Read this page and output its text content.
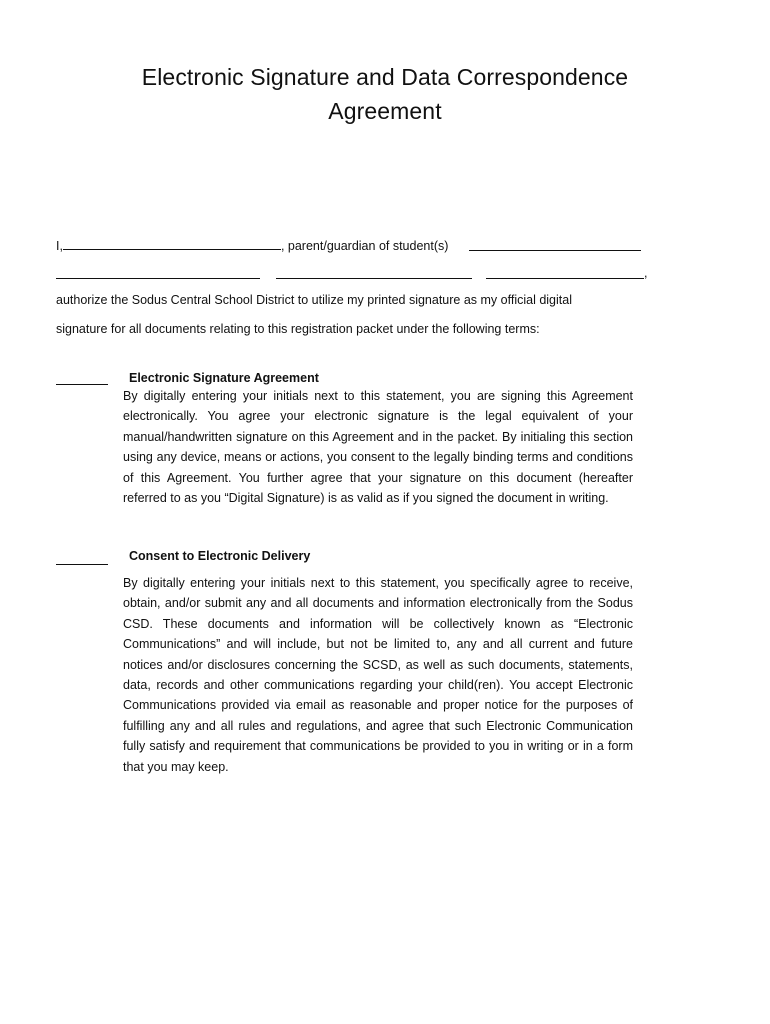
Electronic Signature and Data Correspondence
Agreement
I,	, parent/guardian of student(s)
,
authorize the Sodus Central School District to utilize my printed signature as my official digital
signature for all documents relating to this registration packet under the following terms:
Electronic Signature Agreement
By digitally entering your initials next to this statement, you are signing this Agreement electronically. You agree your electronic signature is the legal equivalent of your manual/handwritten signature on this Agreement and in the packet. By initialing this section using any device, means or actions, you consent to the legally binding terms and conditions of this Agreement. You further agree that your signature on this document (hereafter referred to as you “Digital Signature) is as valid as if you signed the document in writing.
Consent to Electronic Delivery
By digitally entering your initials next to this statement, you specifically agree to receive, obtain, and/or submit any and all documents and information electronically from the Sodus CSD. These documents and information will be collectively known as “Electronic Communications” and will include, but not be limited to, any and all current and future notices and/or disclosures concerning the SCSD, as well as such documents, statements, data, records and other communications regarding your child(ren). You accept Electronic Communications provided via email as reasonable and proper notice for the purposes of fulfilling any and all rules and regulations, and agree that such Electronic Communication fully satisfy and requirement that communications be provided to you in writing or in a form that you may keep.
